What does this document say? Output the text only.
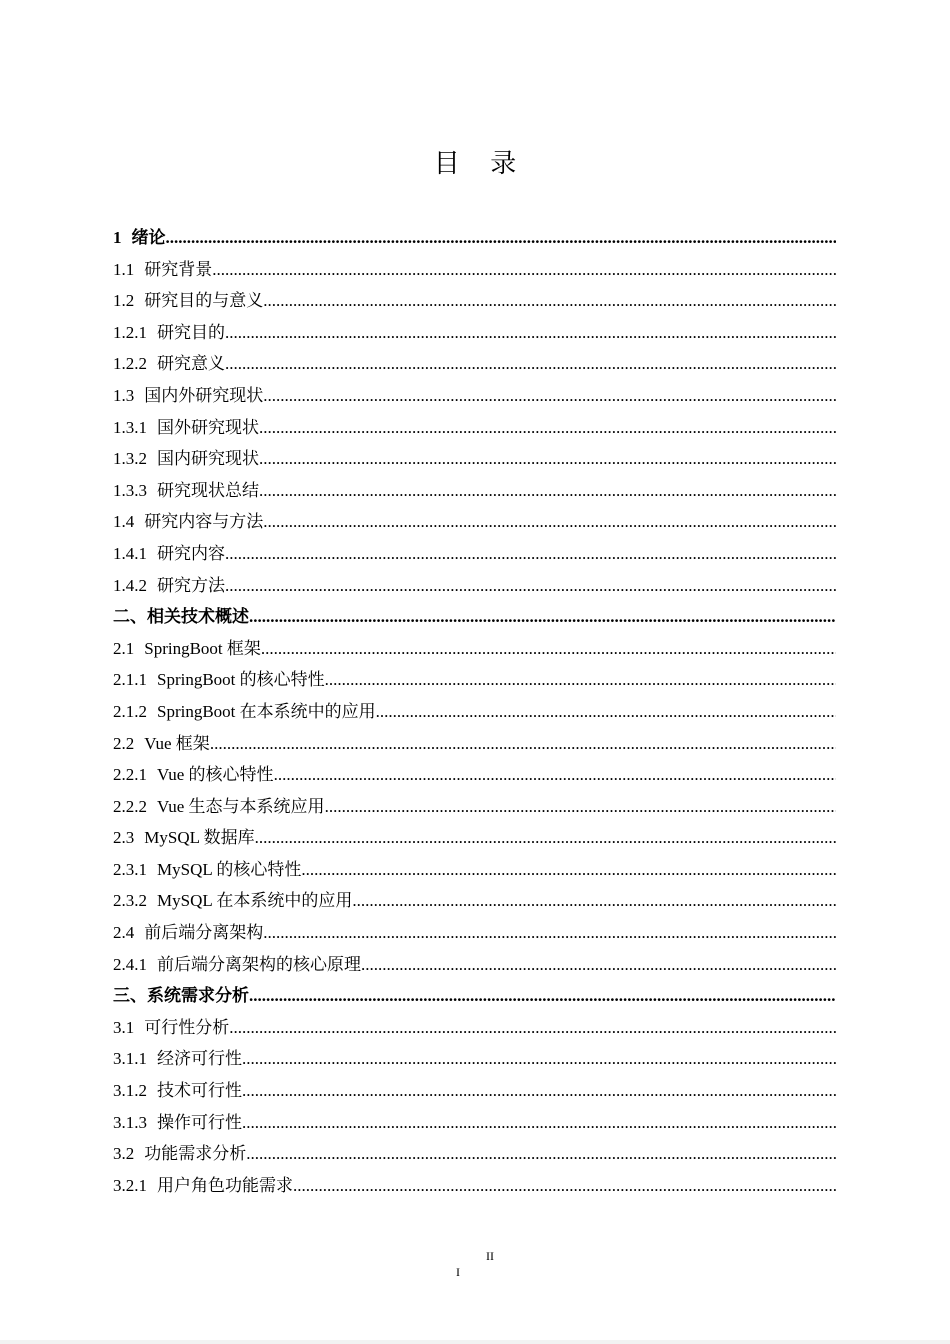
目 录
1 绪论
.....
1.1 研究背景
.....
1.2 研究目的与意义
.....
1.2.1 研究目的
.....
1.2.2 研究意义
.....
1.3 国内外研究现状
.....
1.3.1 国外研究现状
.....
1.3.2 国内研究现状
.....
1.3.3 研究现状总结
.....
1.4 研究内容与方法
.....
1.4.1 研究内容
.....
1.4.2 研究方法
.....
二、相关技术概述
.....
2.1 SpringBoot 框架
.....
2.1.1 SpringBoot 的核心特性
.....
2.1.2 SpringBoot 在本系统中的应用
.....
2.2 Vue 框架
.....
2.2.1 Vue 的核心特性
.....
2.2.2 Vue 生态与本系统应用
.....
2.3 MySQL 数据库
.....
2.3.1 MySQL 的核心特性
.....
2.3.2 MySQL 在本系统中的应用
.....
2.4 前后端分离架构
.....
2.4.1 前后端分离架构的核心原理
.....
三、系统需求分析
.....
3.1 可行性分析
.....
3.1.1 经济可行性
.....
3.1.2 技术可行性
.....
3.1.3 操作可行性
.....
3.2 功能需求分析
.....
3.2.1 用户角色功能需求
.....
II
I
